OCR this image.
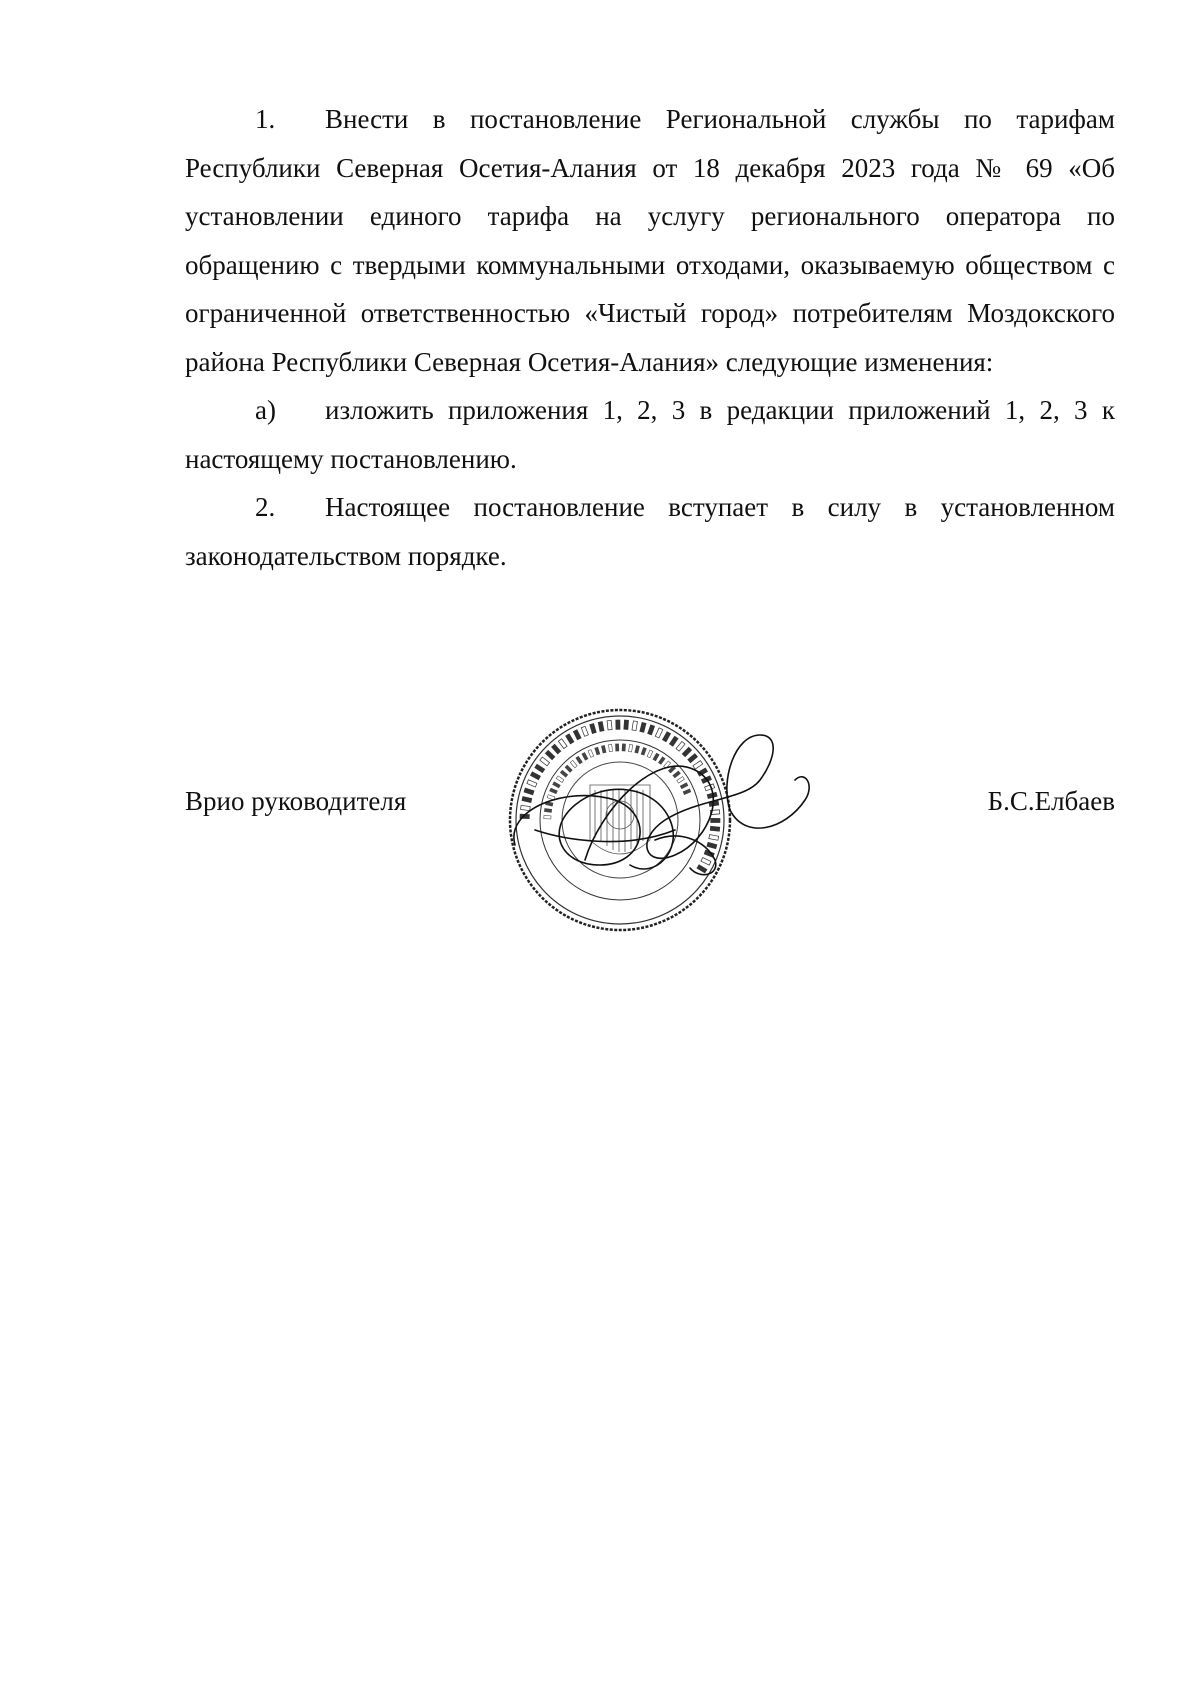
1. Внести в постановление Региональной службы по тарифам Республики Северная Осетия-Алания от 18 декабря 2023 года № 69 «Об установлении единого тарифа на услугу регионального оператора по обращению с твердыми коммунальными отходами, оказываемую обществом с ограниченной ответственностью «Чистый город» потребителям Моздокского района Республики Северная Осетия-Алания» следующие изменения:

а) изложить приложения 1, 2, 3 в редакции приложений 1, 2, 3 к настоящему постановлению.

2. Настоящее постановление вступает в силу в установленном законодательством порядке.

Врио руководителя	Б.С.Елбаев
▮▯▮▮▯▮▮▯▮▮▯▮▮▯▮▮▯▮▮▯▮▮▯▮▮▯▮▮▯▮▮▯▮▮▯▮▮▯▮▮▯▮
▯▮▮▯▮▮▯▮▮▯▮▮▯▮▮▯▮▮▯▮▮▯▮▮▯▮▮▯▮▮
